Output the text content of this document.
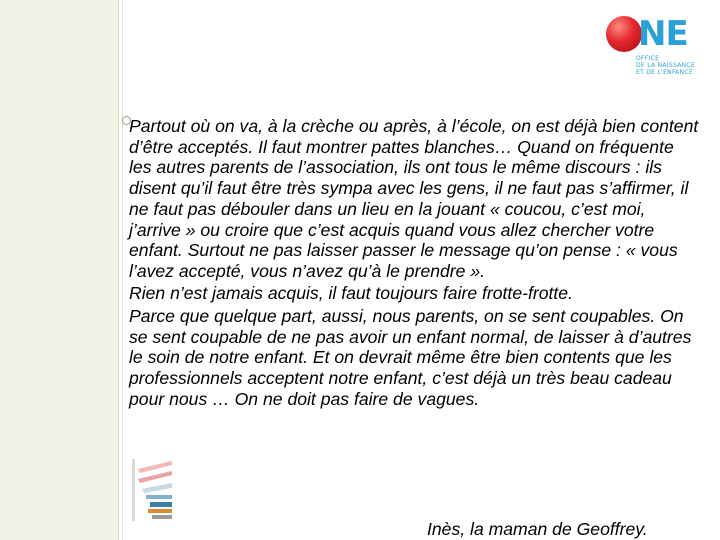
NE
OFFICE
DE LA NAISSANCE
ET DE L'ENFANCE

Partout où on va, à la crèche ou après, à l’école, on est déjà bien content d’être acceptés. Il faut montrer pattes blanches… Quand on fréquente les autres parents de l’association, ils ont tous le même discours : ils disent qu’il faut être très sympa avec les gens, il ne faut pas s’affirmer, il ne faut pas débouler dans un lieu en la jouant « coucou, c’est moi, j’arrive » ou croire que c’est acquis quand vous allez chercher votre enfant. Surtout ne pas laisser passer le message qu’on pense : « vous l’avez accepté, vous n’avez qu’à le prendre ».

Rien n’est jamais acquis, il faut toujours faire frotte-frotte.

Parce que quelque part, aussi, nous parents, on se sent coupables. On se sent coupable de ne pas avoir un enfant normal, de laisser à d’autres le soin de notre enfant. Et on devrait même être bien contents que les professionnels acceptent notre enfant, c’est déjà un très beau cadeau pour nous … On ne doit pas faire de vagues.

Inès, la maman de Geoffrey.
